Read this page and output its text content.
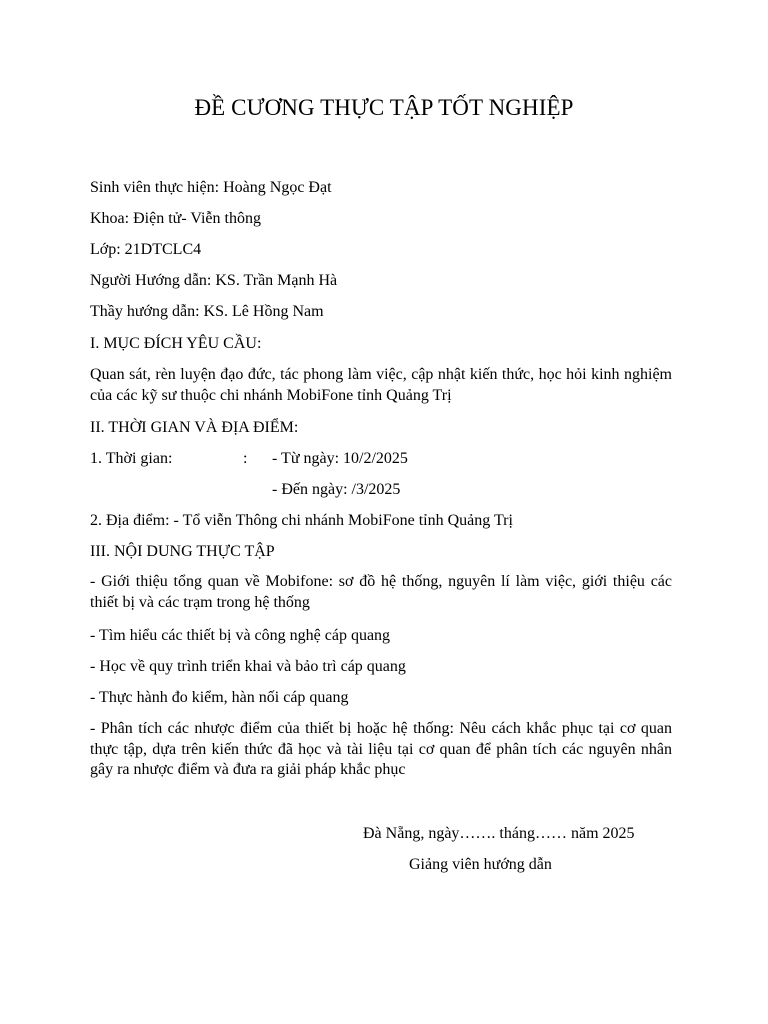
ĐỀ CƯƠNG THỰC TẬP TỐT NGHIỆP
Sinh viên thực hiện: Hoàng Ngọc Đạt
Khoa: Điện tử- Viễn thông
Lớp: 21DTCLC4
Người Hướng dẫn: KS. Trần Mạnh Hà
Thầy hướng dẫn: KS. Lê Hồng Nam
I. MỤC ĐÍCH YÊU CẦU:
Quan sát, rèn luyện đạo đức, tác phong làm việc, cập nhật kiến thức, học hỏi kinh nghiệm của các kỹ sư thuộc chi nhánh MobiFone tỉnh Quảng Trị
II. THỜI GIAN VÀ ĐỊA ĐIỂM:
1. Thời gian:	: - Từ ngày: 10/2/2025
- Đến ngày: /3/2025
2. Địa điểm: - Tổ viễn Thông chi nhánh MobiFone tỉnh Quảng Trị
III. NỘI DUNG THỰC TẬP
- Giới thiệu tổng quan về Mobifone: sơ đồ hệ thống, nguyên lí làm việc, giới thiệu các thiết bị và các trạm trong hệ thống
- Tìm hiểu các thiết bị và công nghệ cáp quang
- Học về quy trình triển khai và bảo trì cáp quang
- Thực hành đo kiểm, hàn nối cáp quang
- Phân tích các nhược điểm của thiết bị hoặc hệ thống: Nêu cách khắc phục tại cơ quan thực tập, dựa trên kiến thức đã học và tài liệu tại cơ quan để phân tích các nguyên nhân gây ra nhược điểm và đưa ra giải pháp khắc phục
Đà Nẵng, ngày……. tháng…… năm 2025
Giảng viên hướng dẫn
